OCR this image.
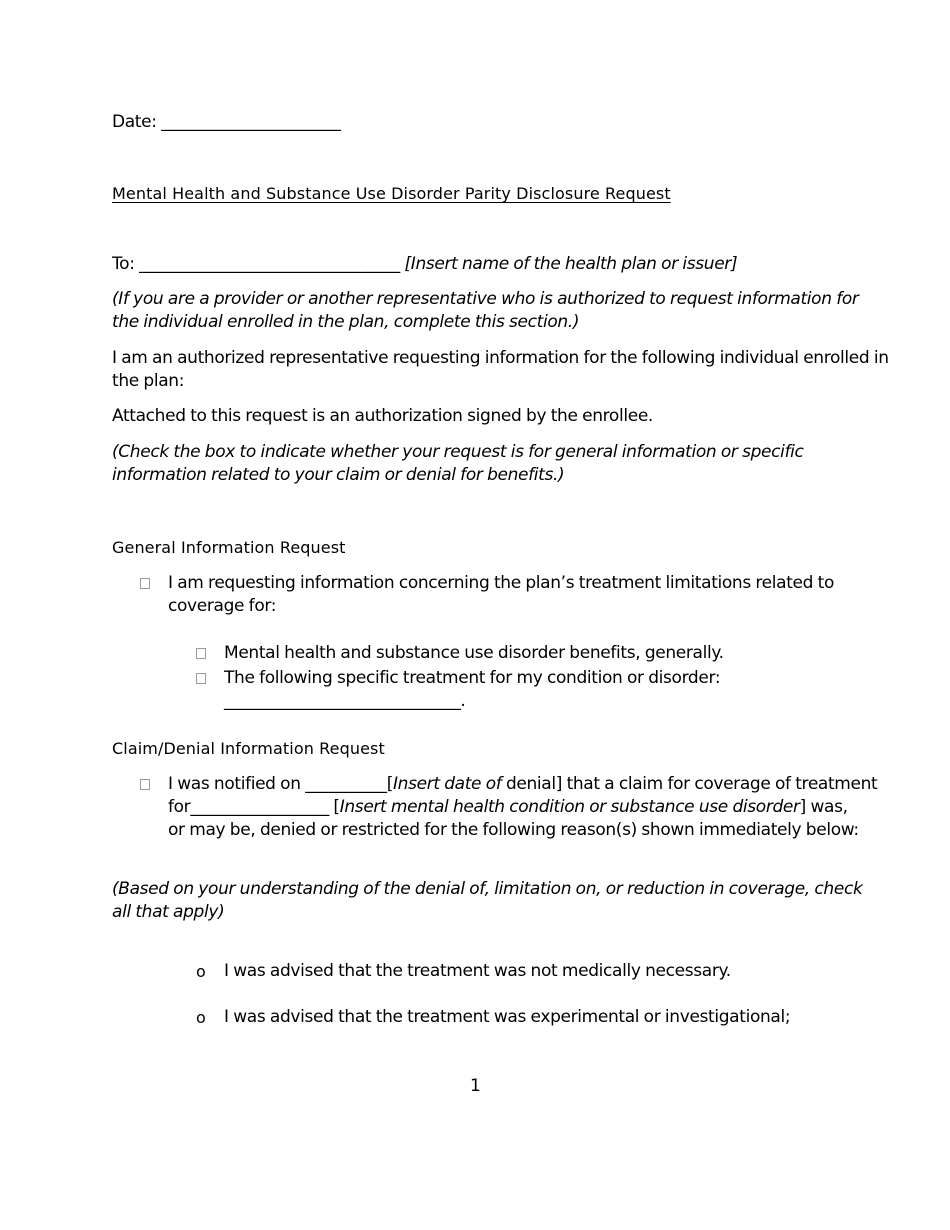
Date: ______________________
Mental Health and Substance Use Disorder Parity Disclosure Request
To: ________________________________ [Insert name of the health plan or issuer]
(If you are a provider or another representative who is authorized to request information for
the individual enrolled in the plan, complete this section.)
I am an authorized representative requesting information for the following individual enrolled in
the plan:
Attached to this request is an authorization signed by the enrollee.
(Check the box to indicate whether your request is for general information or specific
information related to your claim or denial for benefits.)
General Information Request
I am requesting information concerning the plan’s treatment limitations related to
coverage for:
Mental health and substance use disorder benefits, generally.
The following specific treatment for my condition or disorder:
_____________________________.
Claim/Denial Information Request
I was notified on __________[Insert date of denial] that a claim for coverage of treatment
for_________________ [Insert mental health condition or substance use disorder] was,
or may be, denied or restricted for the following reason(s) shown immediately below:
(Based on your understanding of the denial of, limitation on, or reduction in coverage, check
all that apply)
o I was advised that the treatment was not medically necessary.
o I was advised that the treatment was experimental or investigational;
1
